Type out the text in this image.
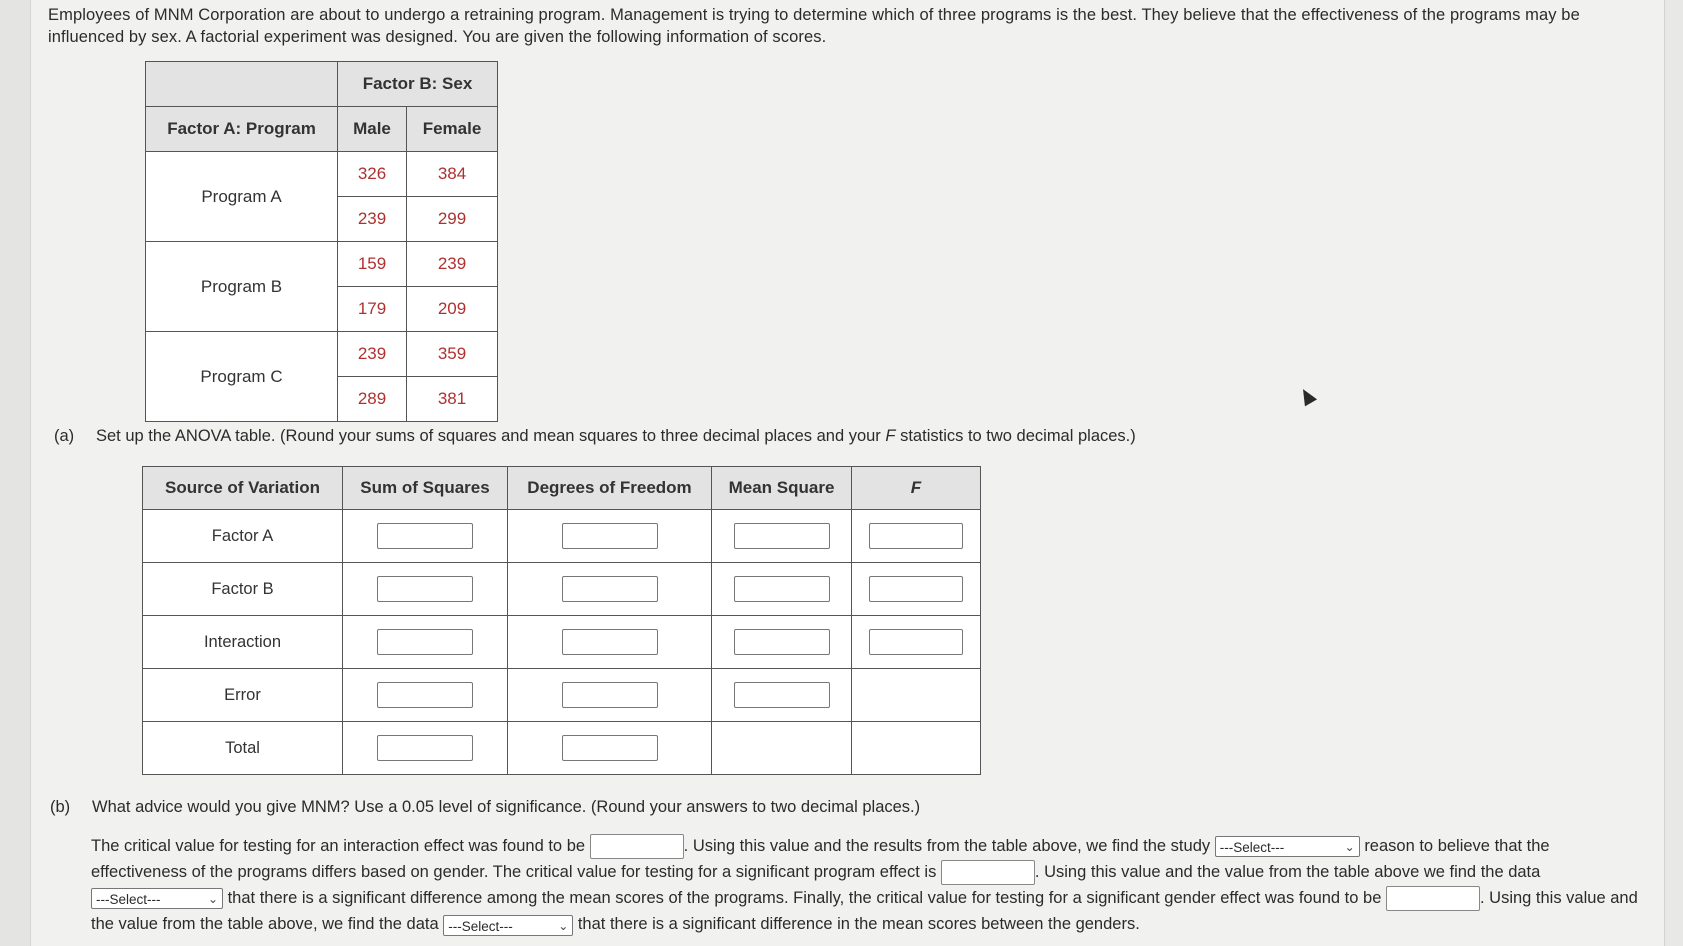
Employees of MNM Corporation are about to undergo a retraining program. Management is trying to determine which of three programs is the best. They believe that the effectiveness of the programs may be influenced by sex. A factorial experiment was designed. You are given the following information of scores.
	Factor B: Sex	
Factor A: Program	Male	Female
Program A	326	384
	239	299
Program B	159	239
	179	209
Program C	239	359
	289	381
(a) Set up the ANOVA table. (Round your sums of squares and mean squares to three decimal places and your F statistics to two decimal places.)
Source of Variation	Sum of Squares	Degrees of Freedom	Mean Square	F
Factor A				
Factor B				
Interaction				
Error				
Total				
(b) What advice would you give MNM? Use a 0.05 level of significance. (Round your answers to two decimal places.)
The critical value for testing for an interaction effect was found to be	. Using this value and the results from the table above, we find the study ---Select---	⌄ reason to believe that the effectiveness of the programs differs based on gender. The critical value for testing for a significant program effect is	. Using this value and the value from the table above we find the data ---Select---	⌄ that there is a significant difference among the mean scores of the programs. Finally, the critical value for testing for a significant gender effect was found to be	. Using this value and the value from the table above, we find the data ---Select---	⌄ that there is a significant difference in the mean scores between the genders.
